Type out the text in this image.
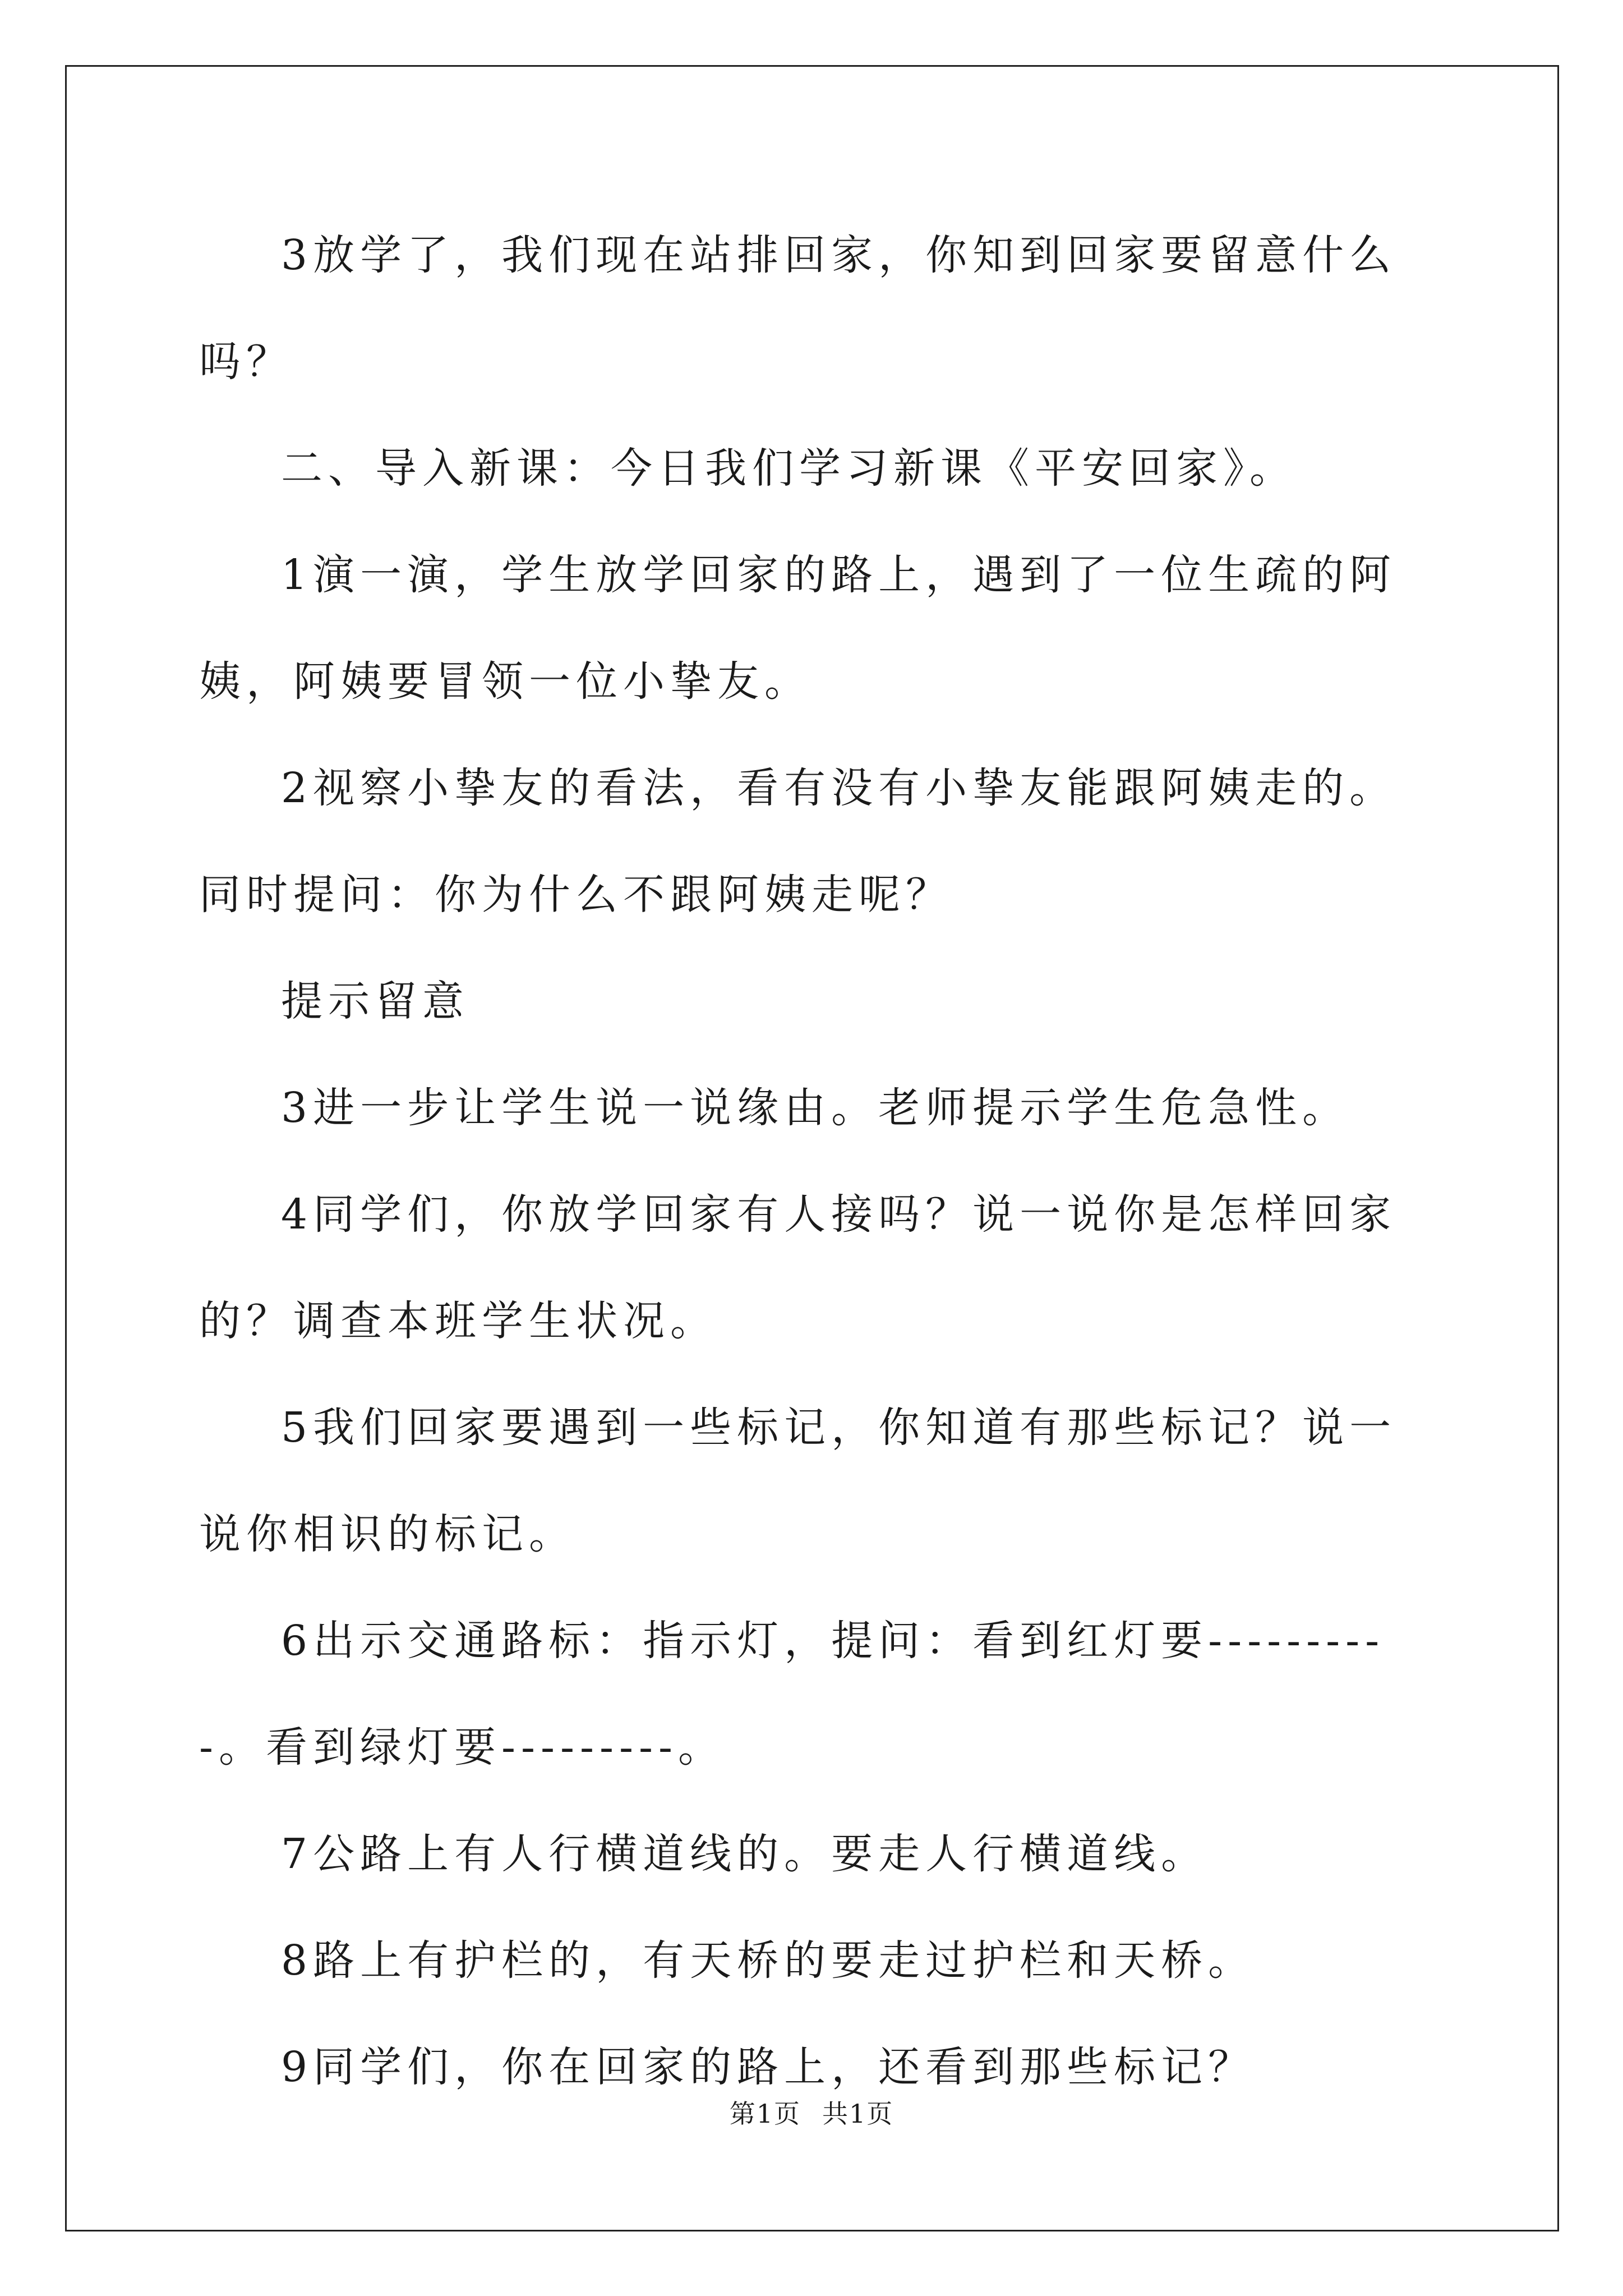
3放学了，我们现在站排回家，你知到回家要留意什么吗？

二、导入新课：今日我们学习新课《平安回家》。

1演一演，学生放学回家的路上，遇到了一位生疏的阿姨，阿姨要冒领一位小挚友。

2视察小挚友的看法，看有没有小挚友能跟阿姨走的。同时提问：你为什么不跟阿姨走呢？

提示留意

3进一步让学生说一说缘由。老师提示学生危急性。

4同学们，你放学回家有人接吗？说一说你是怎样回家的？调查本班学生状况。

5我们回家要遇到一些标记，你知道有那些标记？说一说你相识的标记。

6出示交通路标：指示灯，提问：看到红灯要----------。看到绿灯要---------。

7公路上有人行横道线的。要走人行横道线。

8路上有护栏的，有天桥的要走过护栏和天桥。

9同学们，你在回家的路上，还看到那些标记？

第1页 共1页
